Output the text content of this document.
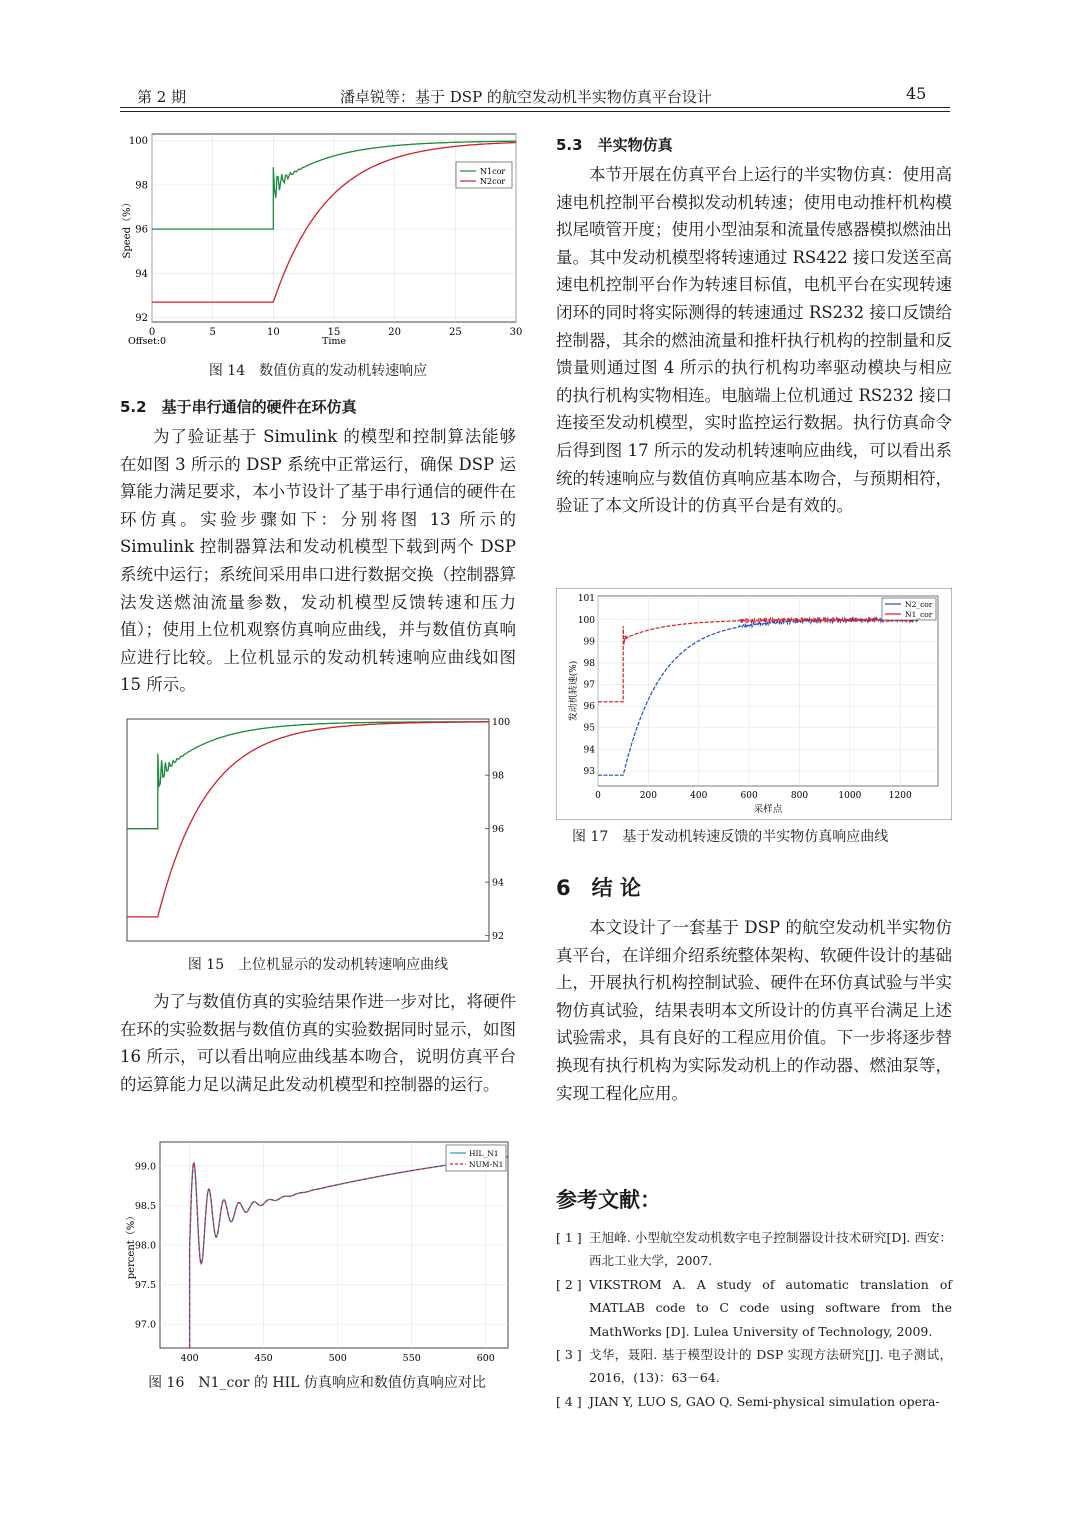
第 2 期	潘卓锐等：基于 DSP 的航空发动机半实物仿真平台设计	45
0	5	10	15	20	25	30
92
94
96
98
100
N1cor
N2cor
Speed（%）
Time
Offset:0
图 14　数值仿真的发动机转速响应
5.2　基于串行通信的硬件在环仿真

为了验证基于 Simulink 的模型和控制算法能够在如图 3 所示的 DSP 系统中正常运行，确保 DSP 运算能力满足要求，本小节设计了基于串行通信的硬件在环仿真。实验步骤如下：分别将图 13 所示的 Simulink 控制器算法和发动机模型下载到两个 DSP 系统中运行；系统间采用串口进行数据交换（控制器算法发送燃油流量参数，发动机模型反馈转速和压力值）；使用上位机观察仿真响应曲线，并与数值仿真响应进行比较。上位机显示的发动机转速响应曲线如图 15 所示。

100
98
96
94
92
图 15　上位机显示的发动机转速响应曲线

为了与数值仿真的实验结果作进一步对比，将硬件在环的实验数据与数值仿真的实验数据同时显示，如图 16 所示，可以看出响应曲线基本吻合，说明仿真平台的运算能力足以满足此发动机模型和控制器的运行。

400	450	500	550	600
99.0
98.5
98.0
97.5
97.0
HIL_N1
NUM-N1
percent（%）
图 16　N1_cor 的 HIL 仿真响应和数值仿真响应对比
5.3　半实物仿真

本节开展在仿真平台上运行的半实物仿真：使用高速电机控制平台模拟发动机转速；使用电动推杆机构模拟尾喷管开度；使用小型油泵和流量传感器模拟燃油出量。其中发动机模型将转速通过 RS422 接口发送至高速电机控制平台作为转速目标值，电机平台在实现转速闭环的同时将实际测得的转速通过 RS232 接口反馈给控制器，其余的燃油流量和推杆执行机构的控制量和反馈量则通过图 4 所示的执行机构功率驱动模块与相应的执行机构实物相连。电脑端上位机通过 RS232 接口连接至发动机模型，实时监控运行数据。执行仿真命令后得到图 17 所示的发动机转速响应曲线，可以看出系统的转速响应与数值仿真响应基本吻合，与预期相符，验证了本文所设计的仿真平台是有效的。

0	200	400	600	800	1000	1200
101
100
99
98
97
96
95
94
93
N2_cor
N1_cor
发动机转速(%)
采样点
图 17　基于发动机转速反馈的半实物仿真响应曲线
6　结 论

本文设计了一套基于 DSP 的航空发动机半实物仿真平台，在详细介绍系统整体架构、软硬件设计的基础上，开展执行机构控制试验、硬件在环仿真试验与半实物仿真试验，结果表明本文所设计的仿真平台满足上述试验需求，具有良好的工程应用价值。下一步将逐步替换现有执行机构为实际发动机上的作动器、燃油泵等，实现工程化应用。

参考文献：
[ 1 ] 王旭峰. 小型航空发动机数字电子控制器设计技术研究[D]. 西安：西北工业大学，2007.
[ 2 ] VIKSTROM A. A study of automatic translation of MATLAB code to C code using software from the MathWorks [D]. Lulea University of Technology, 2009.
[ 3 ] 戈华，聂阳. 基于模型设计的 DSP 实现方法研究[J]. 电子测试，2016，(13)：63－64.
[ 4 ] JIAN Y, LUO S, GAO Q. Semi-physical simulation opera-
